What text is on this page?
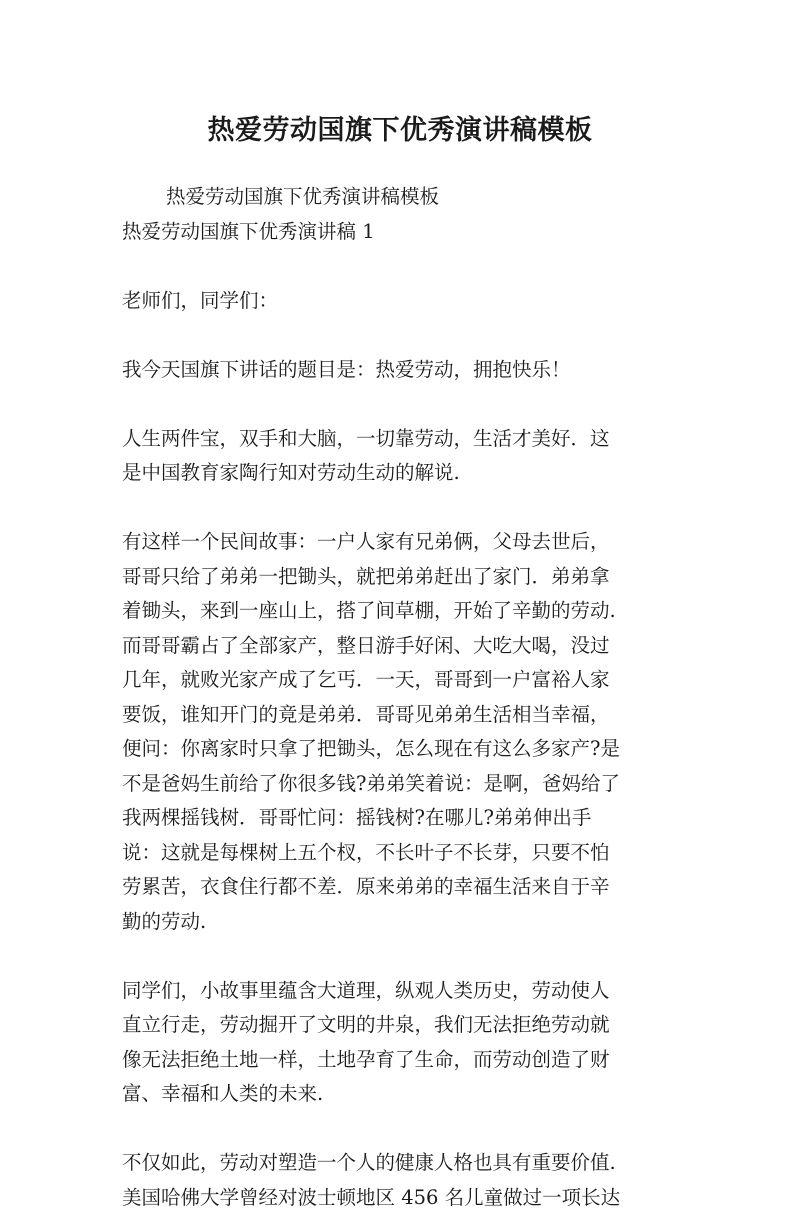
热爱劳动国旗下优秀演讲稿模板
热爱劳动国旗下优秀演讲稿模板
热爱劳动国旗下优秀演讲稿 1
老师们，同学们：
我今天国旗下讲话的题目是：热爱劳动，拥抱快乐！
人生两件宝，双手和大脑，一切靠劳动，生活才美好．这
是中国教育家陶行知对劳动生动的解说.
有这样一个民间故事：一户人家有兄弟俩，父母去世后，
哥哥只给了弟弟一把锄头，就把弟弟赶出了家门．弟弟拿
着锄头，来到一座山上，搭了间草棚，开始了辛勤的劳动.
而哥哥霸占了全部家产，整日游手好闲、大吃大喝，没过
几年，就败光家产成了乞丐．一天，哥哥到一户富裕人家
要饭，谁知开门的竟是弟弟．哥哥见弟弟生活相当幸福，
便问：你离家时只拿了把锄头，怎么现在有这么多家产?是
不是爸妈生前给了你很多钱?弟弟笑着说：是啊，爸妈给了
我两棵摇钱树．哥哥忙问：摇钱树?在哪儿?弟弟伸出手
说：这就是每棵树上五个杈，不长叶子不长芽，只要不怕
劳累苦，衣食住行都不差．原来弟弟的幸福生活来自于辛
勤的劳动.
同学们，小故事里蕴含大道理，纵观人类历史，劳动使人
直立行走，劳动掘开了文明的井泉，我们无法拒绝劳动就
像无法拒绝土地一样，土地孕育了生命，而劳动创造了财
富、幸福和人类的未来.
不仅如此，劳动对塑造一个人的健康人格也具有重要价值.
美国哈佛大学曾经对波士顿地区 456 名儿童做过一项长达
